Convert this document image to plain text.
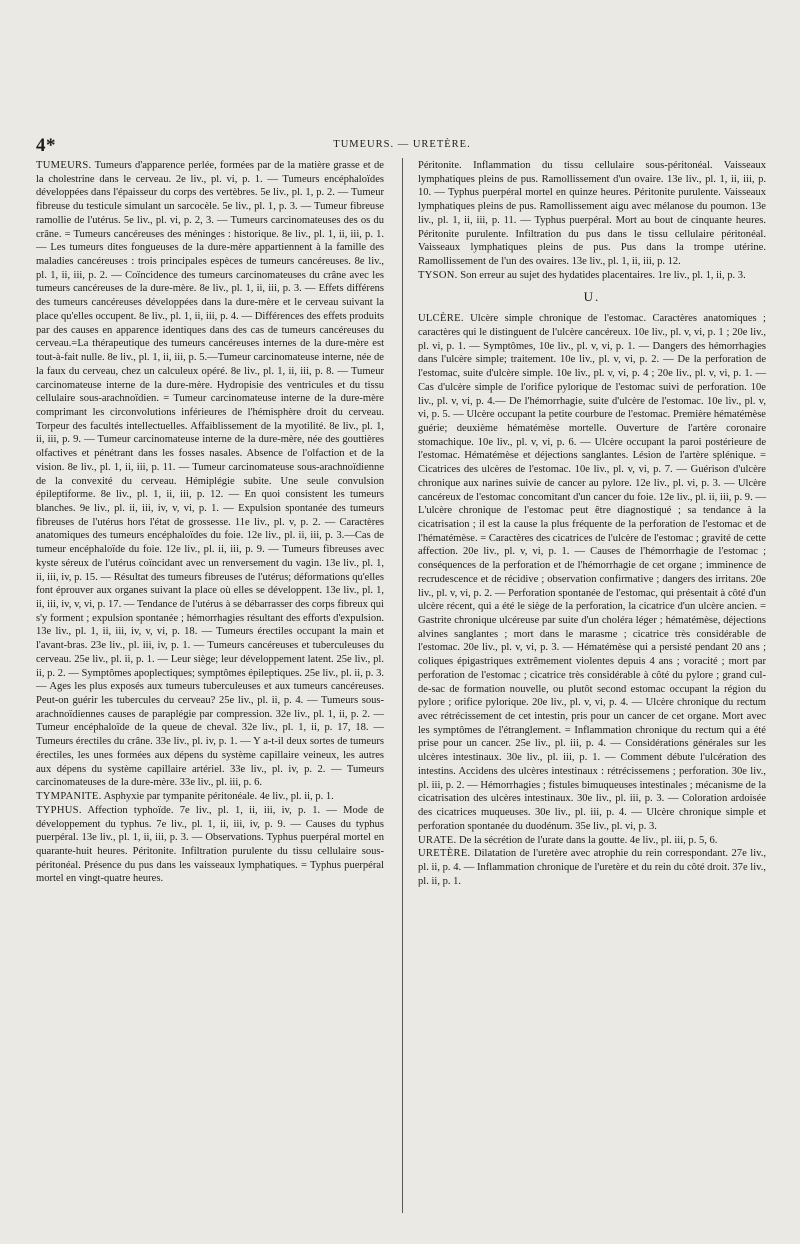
4*	TUMEURS. — URETÈRE.

TUMEURS. Tumeurs d'apparence perlée, formées par de la matière grasse et de la cholestrine dans le cerveau. 2e liv., pl. vi, p. 1. — Tumeurs encéphaloïdes développées dans l'épaisseur du corps des vertèbres. 5e liv., pl. 1, p. 2. — Tumeur fibreuse du testicule simulant un sarcocèle. 5e liv., pl. 1, p. 3. — Tumeur fibreuse ramollie de l'utérus. 5e liv., pl. vi, p. 2, 3. — Tumeurs carcinomateuses des os du crâne. = Tumeurs cancéreuses des méninges : historique. 8e liv., pl. 1, ii, iii, p. 1. — Les tumeurs dites fongueuses de la dure-mère appartiennent à la famille des maladies cancéreuses : trois principales espèces de tumeurs cancéreuses. 8e liv., pl. 1, ii, iii, p. 2. — Coïncidence des tumeurs carcinomateuses du crâne avec les tumeurs cancéreuses de la dure-mère. 8e liv., pl. 1, ii, iii, p. 3. — Effets différens des tumeurs cancéreuses développées dans la dure-mère et le cerveau suivant la place qu'elles occupent. 8e liv., pl. 1, ii, iii, p. 4. — Différences des effets produits par des causes en apparence identiques dans des cas de tumeurs cancéreuses du cerveau.=La thérapeutique des tumeurs cancéreuses internes de la dure-mère est tout-à-fait nulle. 8e liv., pl. 1, ii, iii, p. 5.—Tumeur carcinomateuse interne, née de la faux du cerveau, chez un calculeux opéré. 8e liv., pl. 1, ii, iii, p. 8. — Tumeur carcinomateuse interne de la dure-mère. Hydropisie des ventricules et du tissu cellulaire sous-arachnoïdien. = Tumeur carcinomateuse interne de la dure-mère comprimant les circonvolutions inférieures de l'hémisphère droit du cerveau. Torpeur des facultés intellectuelles. Affaiblissement de la myotilité. 8e liv., pl. 1, ii, iii, p. 9. — Tumeur carcinomateuse interne de la dure-mère, née des gouttières olfactives et pénétrant dans les fosses nasales. Absence de l'olfaction et de la vision. 8e liv., pl. 1, ii, iii, p. 11. — Tumeur carcinomateuse sous-arachnoïdienne de la convexité du cerveau. Hémiplégie subite. Une seule convulsion épileptiforme. 8e liv., pl. 1, ii, iii, p. 12. — En quoi consistent les tumeurs blanches. 9e liv., pl. ii, iii, iv, v, vi, p. 1. — Expulsion spontanée des tumeurs fibreuses de l'utérus hors l'état de grossesse. 11e liv., pl. v, p. 2. — Caractères anatomiques des tumeurs encéphaloïdes du foie. 12e liv., pl. ii, iii, p. 3.—Cas de tumeur encéphaloïde du foie. 12e liv., pl. ii, iii, p. 9. — Tumeurs fibreuses avec kyste séreux de l'utérus coïncidant avec un renversement du vagin. 13e liv., pl. 1, ii, iii, iv, p. 15. — Résultat des tumeurs fibreuses de l'utérus; déformations qu'elles font éprouver aux organes suivant la place où elles se développent. 13e liv., pl. 1, ii, iii, iv, v, vi, p. 17. — Tendance de l'utérus à se débarrasser des corps fibreux qui s'y forment ; expulsion spontanée ; hémorrhagies résultant des efforts d'expulsion. 13e liv., pl. 1, ii, iii, iv, v, vi, p. 18. — Tumeurs érectiles occupant la main et l'avant-bras. 23e liv., pl. iii, iv, p. 1. — Tumeurs cancéreuses et tuberculeuses du cerveau. 25e liv., pl. ii, p. 1. — Leur siège; leur développement latent. 25e liv., pl. ii, p. 2. — Symptômes apoplectiques; symptômes épileptiques. 25e liv., pl. ii, p. 3. — Ages les plus exposés aux tumeurs tuberculeuses et aux tumeurs cancéreuses. Peut-on guérir les tubercules du cerveau? 25e liv., pl. ii, p. 4. — Tumeurs sous-arachnoïdiennes causes de paraplégie par compression. 32e liv., pl. 1, ii, p. 2. — Tumeur encéphaloïde de la queue de cheval. 32e liv., pl. 1, ii, p. 17, 18. — Tumeurs érectiles du crâne. 33e liv., pl. iv, p. 1. — Y a-t-il deux sortes de tumeurs érectiles, les unes formées aux dépens du système capillaire veineux, les autres aux dépens du système capillaire artériel. 33e liv., pl. iv, p. 2. — Tumeurs carcinomateuses de la dure-mère. 33e liv., pl. iii, p. 6.

TYMPANITE. Asphyxie par tympanite péritonéale. 4e liv., pl. ii, p. 1.

TYPHUS. Affection typhoïde. 7e liv., pl. 1, ii, iii, iv, p. 1. — Mode de développement du typhus. 7e liv., pl. 1, ii, iii, iv, p. 9. — Causes du typhus puerpéral. 13e liv., pl. 1, ii, iii, p. 3. — Observations. Typhus puerpéral mortel en quarante-huit heures. Péritonite. Infiltration purulente du tissu cellulaire sous-péritonéal. Présence du pus dans les vaisseaux lymphatiques. = Typhus puerpéral mortel en vingt-quatre heures.

Péritonite. Inflammation du tissu cellulaire sous-péritonéal. Vaisseaux lymphatiques pleins de pus. Ramollissement d'un ovaire. 13e liv., pl. 1, ii, iii, p. 10. — Typhus puerpéral mortel en quinze heures. Péritonite purulente. Vaisseaux lymphatiques pleins de pus. Ramollissement aigu avec mélanose du poumon. 13e liv., pl. 1, ii, iii, p. 11. — Typhus puerpéral. Mort au bout de cinquante heures. Péritonite purulente. Infiltration du pus dans le tissu cellulaire péritonéal. Vaisseaux lymphatiques pleins de pus. Pus dans la trompe utérine. Ramollissement de l'un des ovaires. 13e liv., pl. 1, ii, iii, p. 12.

TYSON. Son erreur au sujet des hydatides placentaires. 1re liv., pl. 1, ii, p. 3.

U.

ULCÈRE. Ulcère simple chronique de l'estomac. Caractères anatomiques ; caractères qui le distinguent de l'ulcère cancéreux. 10e liv., pl. v, vi, p. 1 ; 20e liv., pl. vi, p. 1. — Symptômes, 10e liv., pl. v, vi, p. 1. — Dangers des hémorrhagies dans l'ulcère simple; traitement. 10e liv., pl. v, vi, p. 2. — De la perforation de l'estomac, suite d'ulcère simple. 10e liv., pl. v, vi, p. 4 ; 20e liv., pl. v, vi, p. 1. — Cas d'ulcère simple de l'orifice pylorique de l'estomac suivi de perforation. 10e liv., pl. v, vi, p. 4.— De l'hémorrhagie, suite d'ulcère de l'estomac. 10e liv., pl. v, vi, p. 5. — Ulcère occupant la petite courbure de l'estomac. Première hématémèse guérie; deuxième hématémèse mortelle. Ouverture de l'artère coronaire stomachique. 10e liv., pl. v, vi, p. 6. — Ulcère occupant la paroi postérieure de l'estomac. Hématémèse et déjections sanglantes. Lésion de l'artère splénique. = Cicatrices des ulcères de l'estomac. 10e liv., pl. v, vi, p. 7. — Guérison d'ulcère chronique aux narines suivie de cancer au pylore. 12e liv., pl. vi, p. 3. — Ulcère cancéreux de l'estomac concomitant d'un cancer du foie. 12e liv., pl. ii, iii, p. 9. — L'ulcère chronique de l'estomac peut être diagnostiqué ; sa tendance à la cicatrisation ; il est la cause la plus fréquente de la perforation de l'estomac et de l'hématémèse. = Caractères des cicatrices de l'ulcère de l'estomac ; gravité de cette affection. 20e liv., pl. v, vi, p. 1. — Causes de l'hémorrhagie de l'estomac ; conséquences de la perforation et de l'hémorrhagie de cet organe ; imminence de recrudescence et de récidive ; observation confirmative ; dangers des irritans. 20e liv., pl. v, vi, p. 2. — Perforation spontanée de l'estomac, qui présentait à côté d'un ulcère récent, qui a été le siège de la perforation, la cicatrice d'un ulcère ancien. = Gastrite chronique ulcéreuse par suite d'un choléra léger ; hématémèse, déjections alvines sanglantes ; mort dans le marasme ; cicatrice très considérable de l'estomac. 20e liv., pl. v, vi, p. 3. — Hématémèse qui a persisté pendant 20 ans ; coliques épigastriques extrêmement violentes depuis 4 ans ; voracité ; mort par perforation de l'estomac ; cicatrice très considérable à côté du pylore ; grand cul-de-sac de formation nouvelle, ou plutôt second estomac occupant la région du pylore ; orifice pylorique. 20e liv., pl. v, vi, p. 4. — Ulcère chronique du rectum avec rétrécissement de cet intestin, pris pour un cancer de cet organe. Mort avec les symptômes de l'étranglement. = Inflammation chronique du rectum qui a été prise pour un cancer. 25e liv., pl. iii, p. 4. — Considérations générales sur les ulcères intestinaux. 30e liv., pl. iii, p. 1. — Comment débute l'ulcération des intestins. Accidens des ulcères intestinaux : rétrécissemens ; perforation. 30e liv., pl. iii, p. 2. — Hémorrhagies ; fistules bimuqueuses intestinales ; mécanisme de la cicatrisation des ulcères intestinaux. 30e liv., pl. iii, p. 3. — Coloration ardoisée des cicatrices muqueuses. 30e liv., pl. iii, p. 4. — Ulcère chronique simple et perforation spontanée du duodénum. 35e liv., pl. vi, p. 3.

URATE. De la sécrétion de l'urate dans la goutte. 4e liv., pl. iii, p. 5, 6.

URETÈRE. Dilatation de l'uretère avec atrophie du rein correspondant. 27e liv., pl. ii, p. 4. — Inflammation chronique de l'uretère et du rein du côté droit. 37e liv., pl. ii, p. 1.
